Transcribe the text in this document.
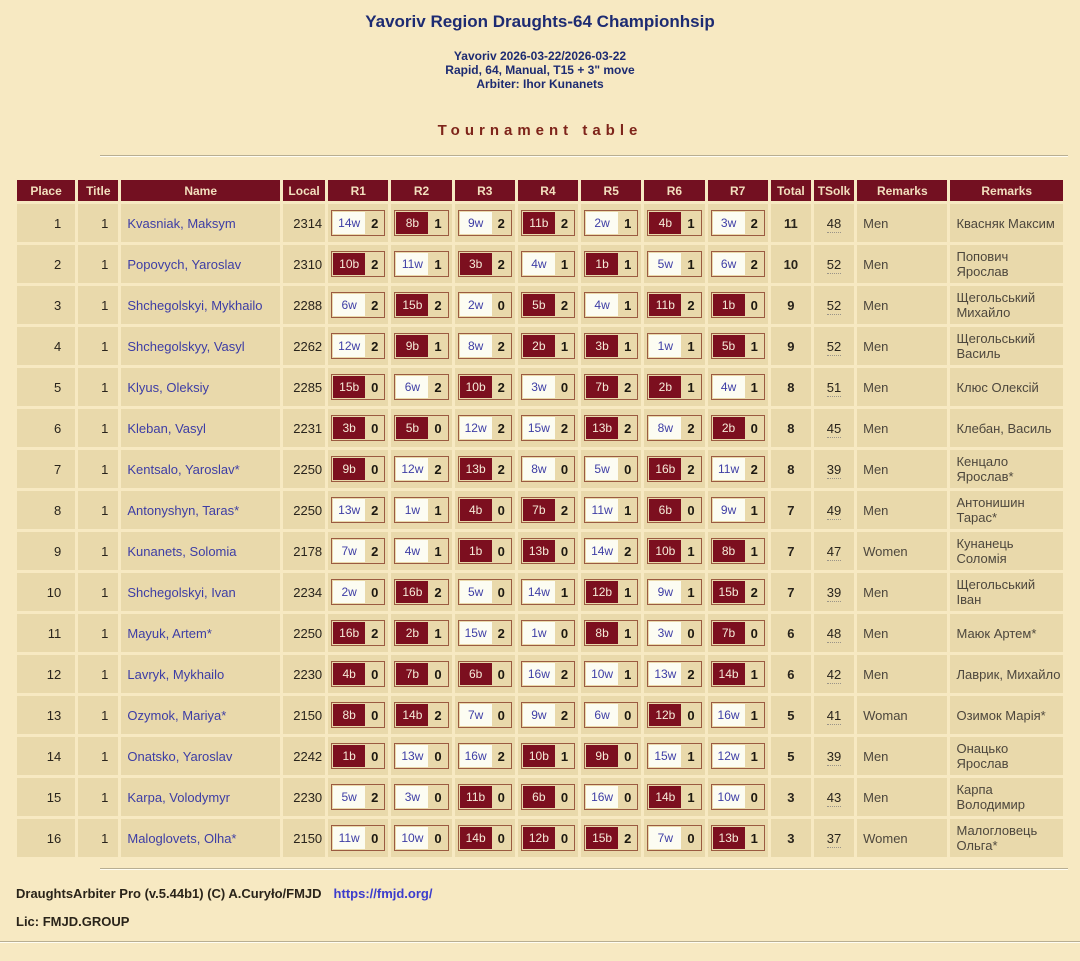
Yavoriv Region Draughts-64 Championhsip
Yavoriv 2026-03-22/2026-03-22
Rapid, 64, Manual, T15 + 3" move
Arbiter: Ihor Kunanets
Tournament table
Place	Title	Name	Local	R1	R2	R3	R4	R5	R6	R7	Total	TSolk	Remarks	Remarks
1	1	Kvasniak, Maksym	2314	14w 2	8b 1	9w 2	11b 2	2w 1	4b 1	3w 2	11	48	Men	Квасняк Максим
2	1	Popovych, Yaroslav	2310	10b 2	11w 1	3b 2	4w 1	1b 1	5w 1	6w 2	10	52	Men	Попович Ярослав
3	1	Shchegolskyi, Mykhailo	2288	6w 2	15b 2	2w 0	5b 2	4w 1	11b 2	1b 0	9	52	Men	Щегольський Михайло
4	1	Shchegolskyy, Vasyl	2262	12w 2	9b 1	8w 2	2b 1	3b 1	1w 1	5b 1	9	52	Men	Щегольський Василь
5	1	Klyus, Oleksiy	2285	15b 0	6w 2	10b 2	3w 0	7b 2	2b 1	4w 1	8	51	Men	Клюс Олексій
6	1	Kleban, Vasyl	2231	3b 0	5b 0	12w 2	15w 2	13b 2	8w 2	2b 0	8	45	Men	Клебан, Василь
7	1	Kentsalo, Yaroslav*	2250	9b 0	12w 2	13b 2	8w 0	5w 0	16b 2	11w 2	8	39	Men	Кенцало Ярослав*
8	1	Antonyshyn, Taras*	2250	13w 2	1w 1	4b 0	7b 2	11w 1	6b 0	9w 1	7	49	Men	Антонишин Тарас*
9	1	Kunanets, Solomia	2178	7w 2	4w 1	1b 0	13b 0	14w 2	10b 1	8b 1	7	47	Women	Кунанець Соломія
10	1	Shchegolskyi, Ivan	2234	2w 0	16b 2	5w 0	14w 1	12b 1	9w 1	15b 2	7	39	Men	Щегольський Іван
11	1	Mayuk, Artem*	2250	16b 2	2b 1	15w 2	1w 0	8b 1	3w 0	7b 0	6	48	Men	Маюк Артем*
12	1	Lavryk, Mykhailo	2230	4b 0	7b 0	6b 0	16w 2	10w 1	13w 2	14b 1	6	42	Men	Лаврик, Михайло
13	1	Ozymok, Mariya*	2150	8b 0	14b 2	7w 0	9w 2	6w 0	12b 0	16w 1	5	41	Woman	Озимок Марія*
14	1	Onatsko, Yaroslav	2242	1b 0	13w 0	16w 2	10b 1	9b 0	15w 1	12w 1	5	39	Men	Онацько Ярослав
15	1	Karpa, Volodymyr	2230	5w 2	3w 0	11b 0	6b 0	16w 0	14b 1	10w 0	3	43	Men	Карпа Володимир
16	1	Maloglovets, Olha*	2150	11w 0	10w 0	14b 0	12b 0	15b 2	7w 0	13b 1	3	37	Women	Малогловець Ольга*
DraughtsArbiter Pro (v.5.44b1) (C) A.Curyło/FMJD https://fmjd.org/
Lic: FMJD.GROUP
